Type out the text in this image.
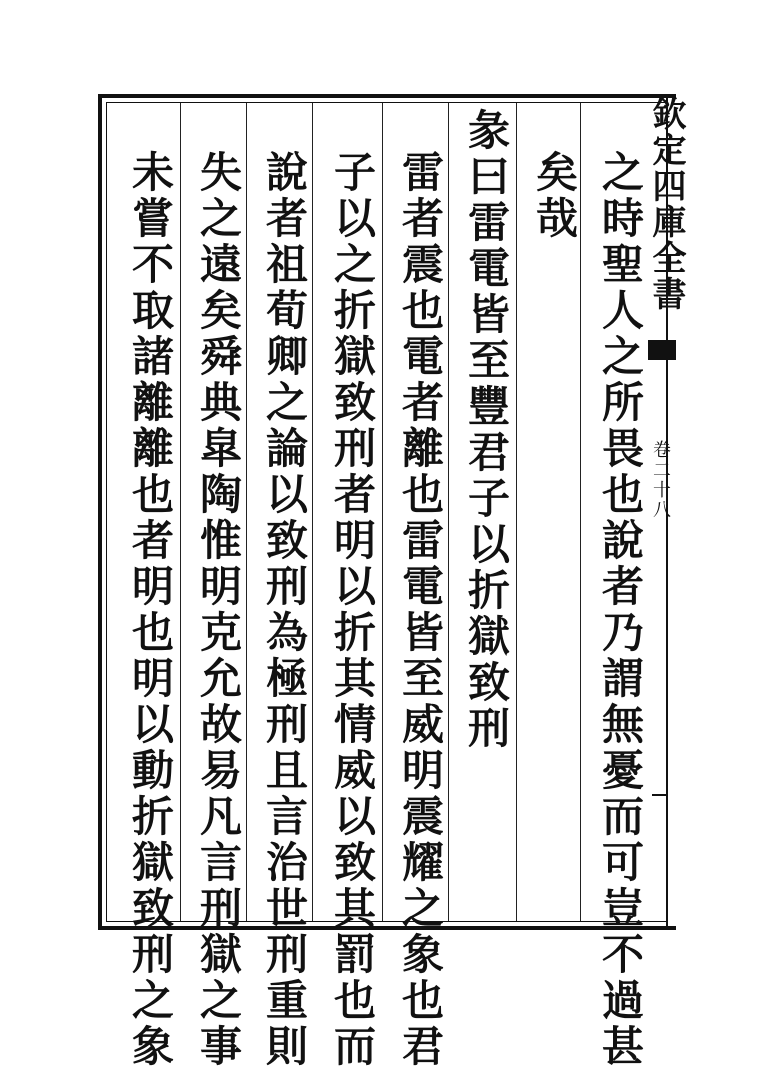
欽定四庫全書
卷二十八
之時聖人之所畏也說者乃謂無憂而可豈不過甚
矣哉
彖曰雷電皆至豐君子以折獄致刑
雷者震也電者離也雷電皆至威明震耀之象也君
子以之折獄致刑者明以折其情威以致其罰也而
說者祖荀卿之論以致刑為極刑且言治世刑重則
失之遠矣舜典皐陶惟明克允故易凡言刑獄之事
未嘗不取諸離離也者明也明以動折獄致刑之象
